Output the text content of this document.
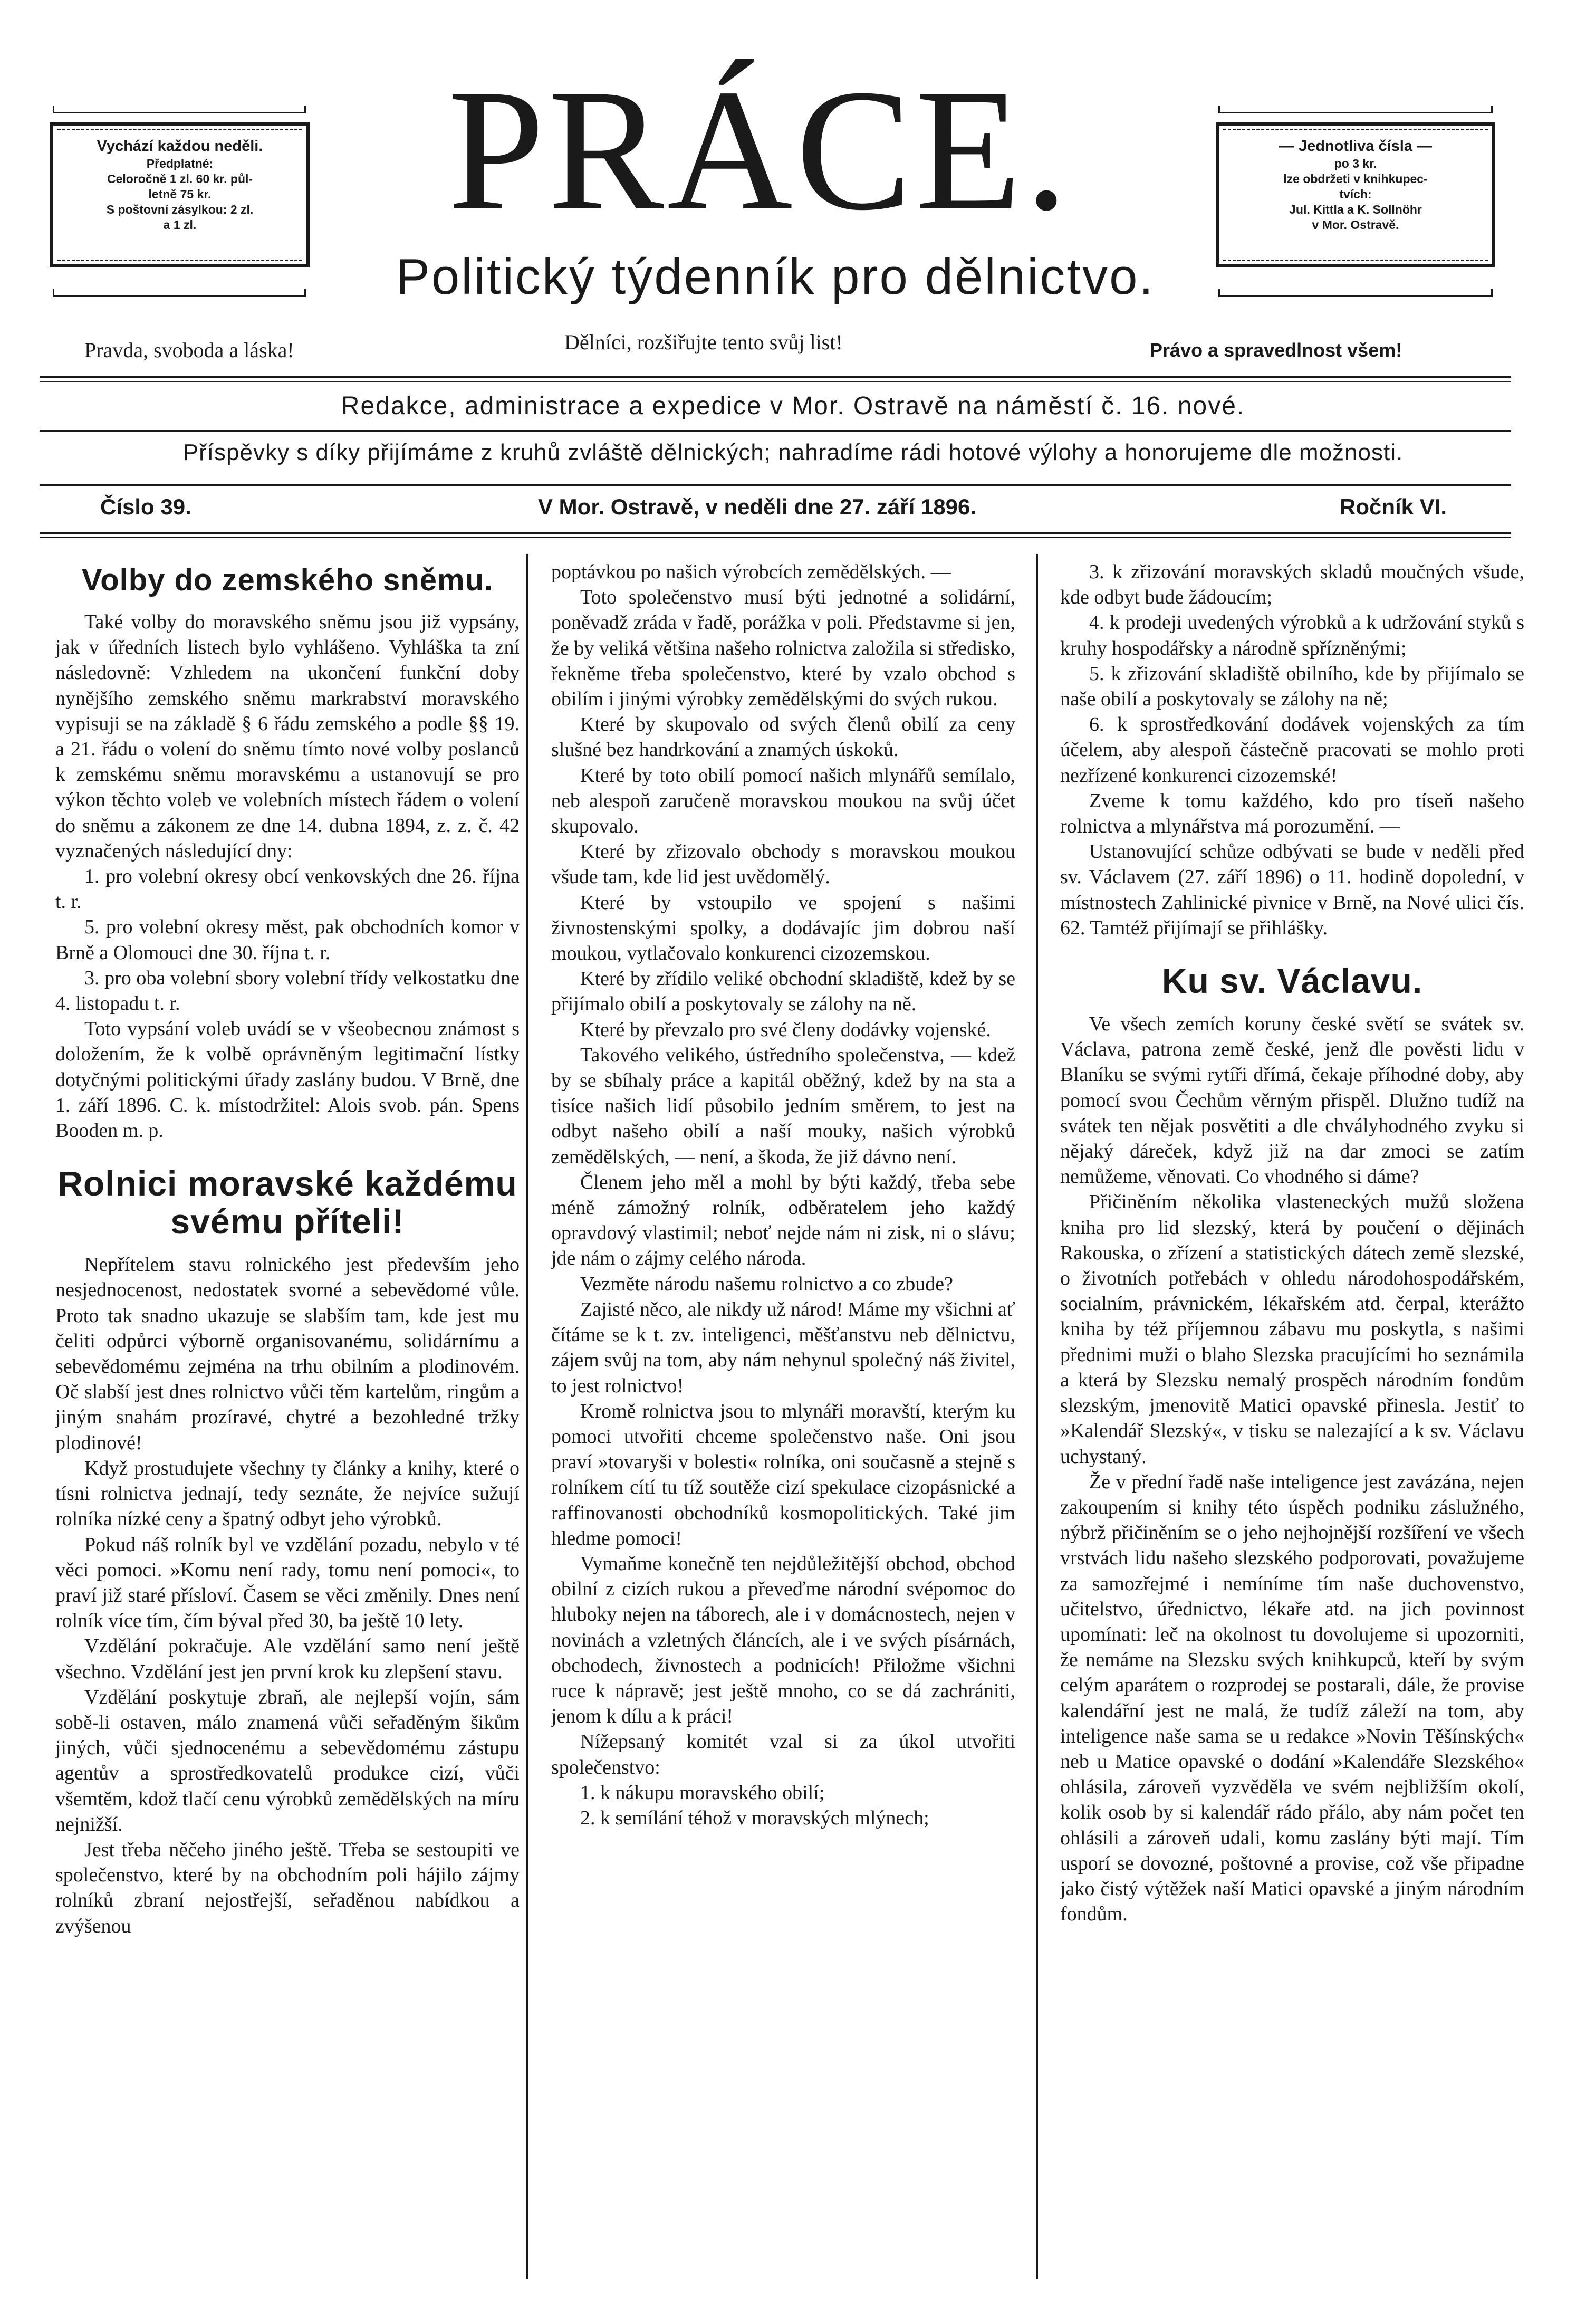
Vychází každou neděli.
Předplatné:
Celoročně 1 zl. 60 kr. půl-
letně 75 kr.
S poštovní zásylkou: 2 zl.
a 1 zl.
— Jednotliva čísla —
po 3 kr.
lze obdržeti v knihkupec-
tvích:
Jul. Kittla a K. Sollnöhr
v Mor. Ostravě.
PRÁCE.
Politický týdenník pro dělnictvo.
Pravda, svoboda a láska!	Dělníci, rozšiřujte tento svůj list!	Právo a spravedlnost všem!
Redakce, administrace a expedice v Mor. Ostravě na náměstí č. 16. nové.
Příspěvky s díky přijímáme z kruhů zvláště dělnických; nahradíme rádi hotové výlohy a honorujeme dle možnosti.
Číslo 39.	V Mor. Ostravě, v neděli dne 27. září 1896.	Ročník VI.
Volby do zemského sněmu.

Také volby do moravského sněmu jsou již vypsány, jak v úředních listech bylo vyhlášeno. Vyhláška ta zní následovně: Vzhledem na ukončení funkční doby nynějšího zemského sněmu markrabství moravského vypisuji se na základě § 6 řádu zemského a podle §§ 19. a 21. řádu o volení do sněmu tímto nové volby poslanců k zemskému sněmu moravskému a ustanovují se pro výkon těchto voleb ve volebních místech řádem o volení do sněmu a zákonem ze dne 14. dubna 1894, z. z. č. 42 vyznačených následující dny:

1. pro volební okresy obcí venkovských dne 26. října t. r.

5. pro volební okresy měst, pak obchodních komor v Brně a Olomouci dne 30. října t. r.

3. pro oba volební sbory volební třídy velkostatku dne 4. listopadu t. r.

Toto vypsání voleb uvádí se v všeobecnou známost s doložením, že k volbě oprávněným legitimační lístky dotyčnými politickými úřady zaslány budou. V Brně, dne 1. září 1896. C. k. místodržitel: Alois svob. pán. Spens Booden m. p.

Rolnici moravské každému svému příteli!

Nepřítelem stavu rolnického jest především jeho nesjednocenost, nedostatek svorné a sebevědomé vůle. Proto tak snadno ukazuje se slabším tam, kde jest mu čeliti odpůrci výborně organisovanému, solidárnímu a sebevědomému zejména na trhu obilním a plodinovém. Oč slabší jest dnes rolnictvo vůči těm kartelům, ringům a jiným snahám prozíravé, chytré a bezohledné tržky plodinové!

Když prostudujete všechny ty články a knihy, které o tísni rolnictva jednají, tedy seznáte, že nejvíce sužují rolníka nízké ceny a špatný odbyt jeho výrobků.

Pokud náš rolník byl ve vzdělání pozadu, nebylo v té věci pomoci. »Komu není rady, tomu není pomoci«, to praví již staré přísloví. Časem se věci změnily. Dnes není rolník více tím, čím býval před 30, ba ještě 10 lety.

Vzdělání pokračuje. Ale vzdělání samo není ještě všechno. Vzdělání jest jen první krok ku zlepšení stavu.

Vzdělání poskytuje zbraň, ale nejlepší vojín, sám sobě-li ostaven, málo znamená vůči seřaděným šikům jiných, vůči sjednocenému a sebevědomému zástupu agentův a sprostředkovatelů produkce cizí, vůči všemtěm, kdož tlačí cenu výrobků zemědělských na míru nejnižší.

Jest třeba něčeho jiného ještě. Třeba se sestoupiti ve společenstvo, které by na obchodním poli hájilo zájmy rolníků zbraní nejostřejší, seřaděnou nabídkou a zvýšenou

poptávkou po našich výrobcích zemědělských. —

Toto společenstvo musí býti jednotné a solidární, poněvadž zráda v řadě, porážka v poli. Představme si jen, že by veliká většina našeho rolnictva založila si středisko, řekněme třeba společenstvo, které by vzalo obchod s obilím i jinými výrobky zemědělskými do svých rukou.

Které by skupovalo od svých členů obilí za ceny slušné bez handrkování a znamých úskoků.

Které by toto obilí pomocí našich mlynářů semílalo, neb alespoň zaručeně moravskou moukou na svůj účet skupovalo.

Které by zřizovalo obchody s moravskou moukou všude tam, kde lid jest uvědomělý.

Které by vstoupilo ve spojení s našimi živnostenskými spolky, a dodávajíc jim dobrou naší moukou, vytlačovalo konkurenci cizozemskou.

Které by zřídilo veliké obchodní skladiště, kdež by se přijímalo obilí a poskytovaly se zálohy na ně.

Které by převzalo pro své členy dodávky vojenské.

Takového velikého, ústředního společenstva, — kdež by se sbíhaly práce a kapitál oběžný, kdež by na sta a tisíce našich lidí působilo jedním směrem, to jest na odbyt našeho obilí a naší mouky, našich výrobků zemědělských, — není, a škoda, že již dávno není.

Členem jeho měl a mohl by býti každý, třeba sebe méně zámožný rolník, odběratelem jeho každý opravdový vlastimil; neboť nejde nám ni zisk, ni o slávu; jde nám o zájmy celého národa.

Vezměte národu našemu rolnictvo a co zbude?

Zajisté něco, ale nikdy už národ! Máme my všichni ať čítáme se k t. zv. inteligenci, měšťanstvu neb dělnictvu, zájem svůj na tom, aby nám nehynul společný náš živitel, to jest rolnictvo!

Kromě rolnictva jsou to mlynáři moravští, kterým ku pomoci utvořiti chceme společenstvo naše. Oni jsou praví »tovaryši v bolesti« rolníka, oni současně a stejně s rolníkem cítí tu tíž soutěže cizí spekulace cizopásnické a raffinovanosti obchodníků kosmopolitických. Také jim hledme pomoci!

Vymaňme konečně ten nejdůležitější obchod, obchod obilní z cizích rukou a převeďme národní svépomoc do hluboky nejen na táborech, ale i v domácnostech, nejen v novinách a vzletných článcích, ale i ve svých písárnách, obchodech, živnostech a podnicích! Přiložme všichni ruce k nápravě; jest ještě mnoho, co se dá zachrániti, jenom k dílu a k práci!

Nížepsaný komitét vzal si za úkol utvořiti společenstvo:

1. k nákupu moravského obilí;

2. k semílání téhož v moravských mlýnech;

3. k zřizování moravských skladů moučných všude, kde odbyt bude žádoucím;

4. k prodeji uvedených výrobků a k udržování styků s kruhy hospodářsky a národně spřízněnými;

5. k zřizování skladiště obilního, kde by přijímalo se naše obilí a poskytovaly se zálohy na ně;

6. k sprostředkování dodávek vojenských za tím účelem, aby alespoň částečně pracovati se mohlo proti nezřízené konkurenci cizozemské!

Zveme k tomu každého, kdo pro tíseň našeho rolnictva a mlynářstva má porozumění. —

Ustanovující schůze odbývati se bude v neděli před sv. Václavem (27. září 1896) o 11. hodině dopolední, v místnostech Zahlinické pivnice v Brně, na Nové ulici čís. 62. Tamtéž přijímají se přihlášky.

Ku sv. Václavu.

Ve všech zemích koruny české světí se svátek sv. Václava, patrona země české, jenž dle pověsti lidu v Blaníku se svými rytíři dřímá, čekaje příhodné doby, aby pomocí svou Čechům věrným přispěl. Dlužno tudíž na svátek ten nějak posvětiti a dle chvályhodného zvyku si nějaký dáreček, když již na dar zmoci se zatím nemůžeme, věnovati. Co vhodného si dáme?

Přičiněním několika vlasteneckých mužů složena kniha pro lid slezský, která by poučení o dějinách Rakouska, o zřízení a statistických dátech země slezské, o životních potřebách v ohledu národohospodářském, socialním, právnickém, lékařském atd. čerpal, kterážto kniha by též příjemnou zábavu mu poskytla, s našimi přednimi muži o blaho Slezska pracujícími ho seznámila a která by Slezsku nemalý prospěch národním fondům slezským, jmenovitě Matici opavské přinesla. Jestiť to »Kalendář Slezský«, v tisku se nalezající a k sv. Václavu uchystaný.

Že v přední řadě naše inteligence jest zavázána, nejen zakoupením si knihy této úspěch podniku záslužného, nýbrž přičiněním se o jeho nejhojnější rozšíření ve všech vrstvách lidu našeho slezského podporovati, považujeme za samozřejmé i nemíníme tím naše duchovenstvo, učitelstvo, úřednictvo, lékaře atd. na jich povinnost upomínati: leč na okolnost tu dovolujeme si upozorniti, že nemáme na Slezsku svých knihkupců, kteří by svým celým aparátem o rozprodej se postarali, dále, že provise kalendářní jest ne malá, že tudíž záleží na tom, aby inteligence naše sama se u redakce »Novin Těšínských« neb u Matice opavské o dodání »Kalendáře Slezského« ohlásila, zároveň vyzvěděla ve svém nejbližším okolí, kolik osob by si kalendář rádo přálo, aby nám počet ten ohlásili a zároveň udali, komu zaslány býti mají. Tím usporí se dovozné, poštovné a provise, což vše připadne jako čistý výtěžek naší Matici opavské a jiným národním fondům.
